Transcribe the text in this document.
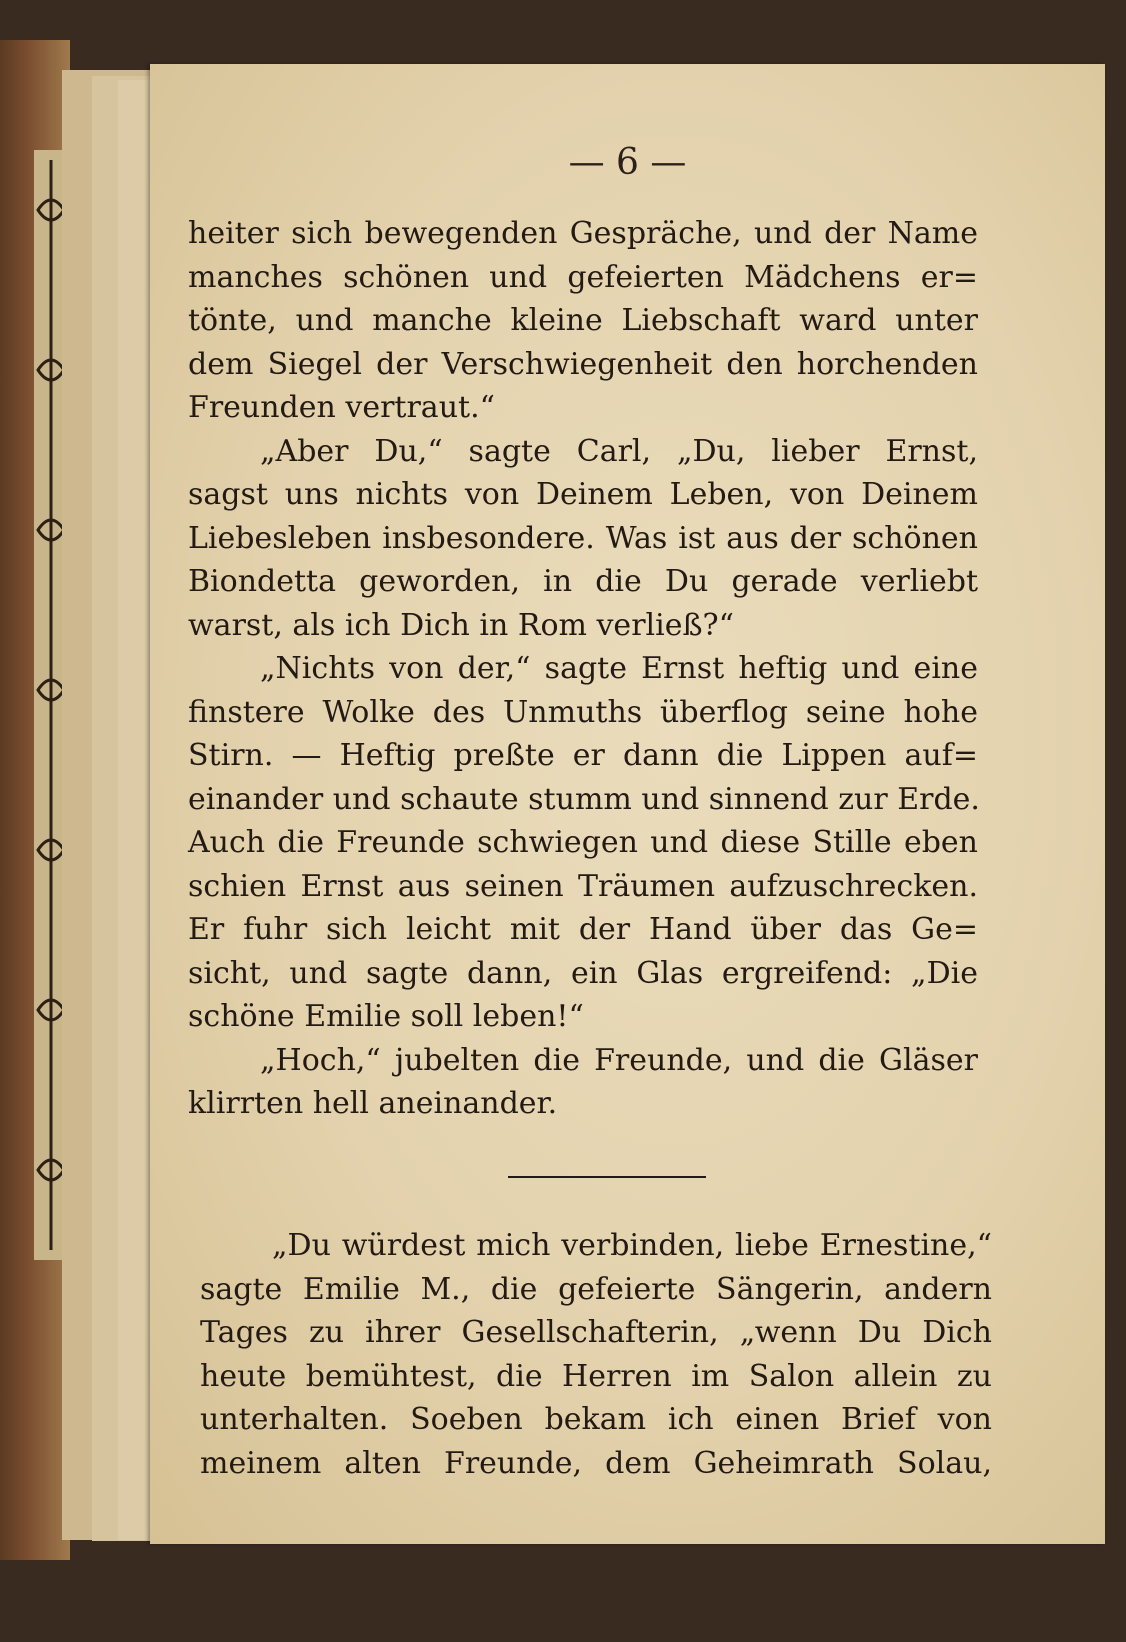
— 6 —
heiter sich bewegenden Gespräche, und der Name
manches schönen und gefeierten Mädchens er=
tönte, und manche kleine Liebschaft ward unter
dem Siegel der Verschwiegenheit den horchenden
Freunden vertraut.“
„Aber Du,“ sagte Carl, „Du, lieber Ernst,
sagst uns nichts von Deinem Leben, von Deinem
Liebesleben insbesondere. Was ist aus der schönen
Biondetta geworden, in die Du gerade verliebt
warst, als ich Dich in Rom verließ?“
„Nichts von der,“ sagte Ernst heftig und eine
finstere Wolke des Unmuths überflog seine hohe
Stirn. — Heftig preßte er dann die Lippen auf=
einander und schaute stumm und sinnend zur Erde.
Auch die Freunde schwiegen und diese Stille eben
schien Ernst aus seinen Träumen aufzuschrecken.
Er fuhr sich leicht mit der Hand über das Ge=
sicht, und sagte dann, ein Glas ergreifend: „Die
schöne Emilie soll leben!“
„Hoch,“ jubelten die Freunde, und die Gläser
klirrten hell aneinander.
„Du würdest mich verbinden, liebe Ernestine,“
sagte Emilie M., die gefeierte Sängerin, andern
Tages zu ihrer Gesellschafterin, „wenn Du Dich
heute bemühtest, die Herren im Salon allein zu
unterhalten. Soeben bekam ich einen Brief von
meinem alten Freunde, dem Geheimrath Solau,
